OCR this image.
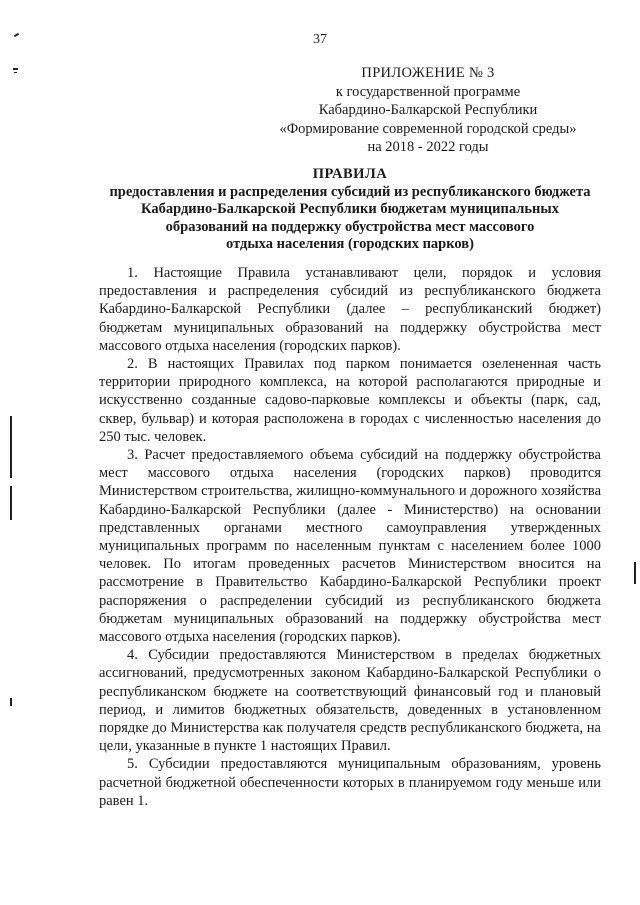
37
ПРИЛОЖЕНИЕ № 3
к государственной программе
Кабардино-Балкарской Республики
«Формирование современной городской среды»
на 2018 - 2022 годы
ПРАВИЛА
предоставления и распределения субсидий из республиканского бюджета
Кабардино-Балкарской Республики бюджетам муниципальных
образований на поддержку обустройства мест массового
отдыха населения (городских парков)

1. Настоящие Правила устанавливают цели, порядок и условия предоставления и распределения субсидий из республиканского бюджета Кабардино-Балкарской Республики (далее – республиканский бюджет) бюджетам муниципальных образований на поддержку обустройства мест массового отдыха населения (городских парков).

2. В настоящих Правилах под парком понимается озелененная часть территории природного комплекса, на которой располагаются природные и искусственно созданные садово-парковые комплексы и объекты (парк, сад, сквер, бульвар) и которая расположена в городах с численностью населения до 250 тыс. человек.

3. Расчет предоставляемого объема субсидий на поддержку обустройства мест массового отдыха населения (городских парков) проводится Министерством строительства, жилищно-коммунального и дорожного хозяйства Кабардино-Балкарской Республики (далее - Министерство) на основании представленных органами местного самоуправления утвержденных муниципальных программ по населенным пунктам с населением более 1000 человек. По итогам проведенных расчетов Министерством вносится на рассмотрение в Правительство Кабардино-Балкарской Республики проект распоряжения о распределении субсидий из республиканского бюджета бюджетам муниципальных образований на поддержку обустройства мест массового отдыха населения (городских парков).

4. Субсидии предоставляются Министерством в пределах бюджетных ассигнований, предусмотренных законом Кабардино-Балкарской Республики о республиканском бюджете на соответствующий финансовый год и плановый период, и лимитов бюджетных обязательств, доведенных в установленном порядке до Министерства как получателя средств республиканского бюджета, на цели, указанные в пункте 1 настоящих Правил.

5. Субсидии предоставляются муниципальным образованиям, уровень расчетной бюджетной обеспеченности которых в планируемом году меньше или равен 1.
